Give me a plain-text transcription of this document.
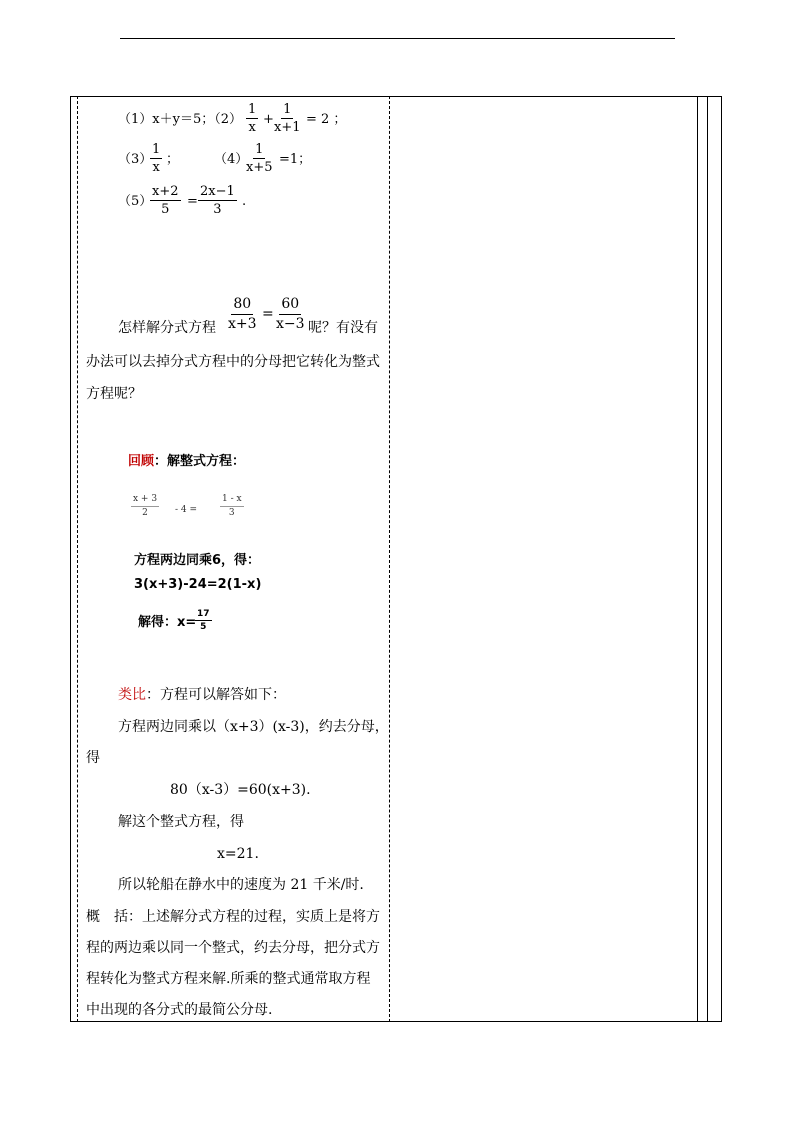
（1）x＋y＝5；$(2) \frac{1}{x}$ +
$\frac{1}{x+1} = 2$ ；
（3）
$\frac{1}{x}$ ；	（4）
$\frac{1}{x+5} =1$；
（5）
$\frac{x+2}{5} = \frac{2x-1}{3}$ .
$\frac{80}{x+3} = \frac{60}{x-3}$
怎样解分式方程	呢？有没有
办法可以去掉分式方程中的分母把它转化为整式
方程呢？
回顾：解整式方程：
$\frac{x + 3}{2} - 4$ =	$\frac{1 - x}{3}$
方程两边同乘6，得：
3(x+3)-24=2(1-x)
解得：x=
$\frac{17}{5}$
类比：方程可以解答如下：
方程两边同乘以（x+3）(x-3)，约去分母，
得
80（x-3）=60(x+3).
解这个整式方程，得
x=21.
所以轮船在静水中的速度为 21 千米/时.
概　括：上述解分式方程的过程，实质上是将方
程的两边乘以同一个整式，约去分母，把分式方
程转化为整式方程来解.所乘的整式通常取方程
中出现的各分式的最简公分母.
